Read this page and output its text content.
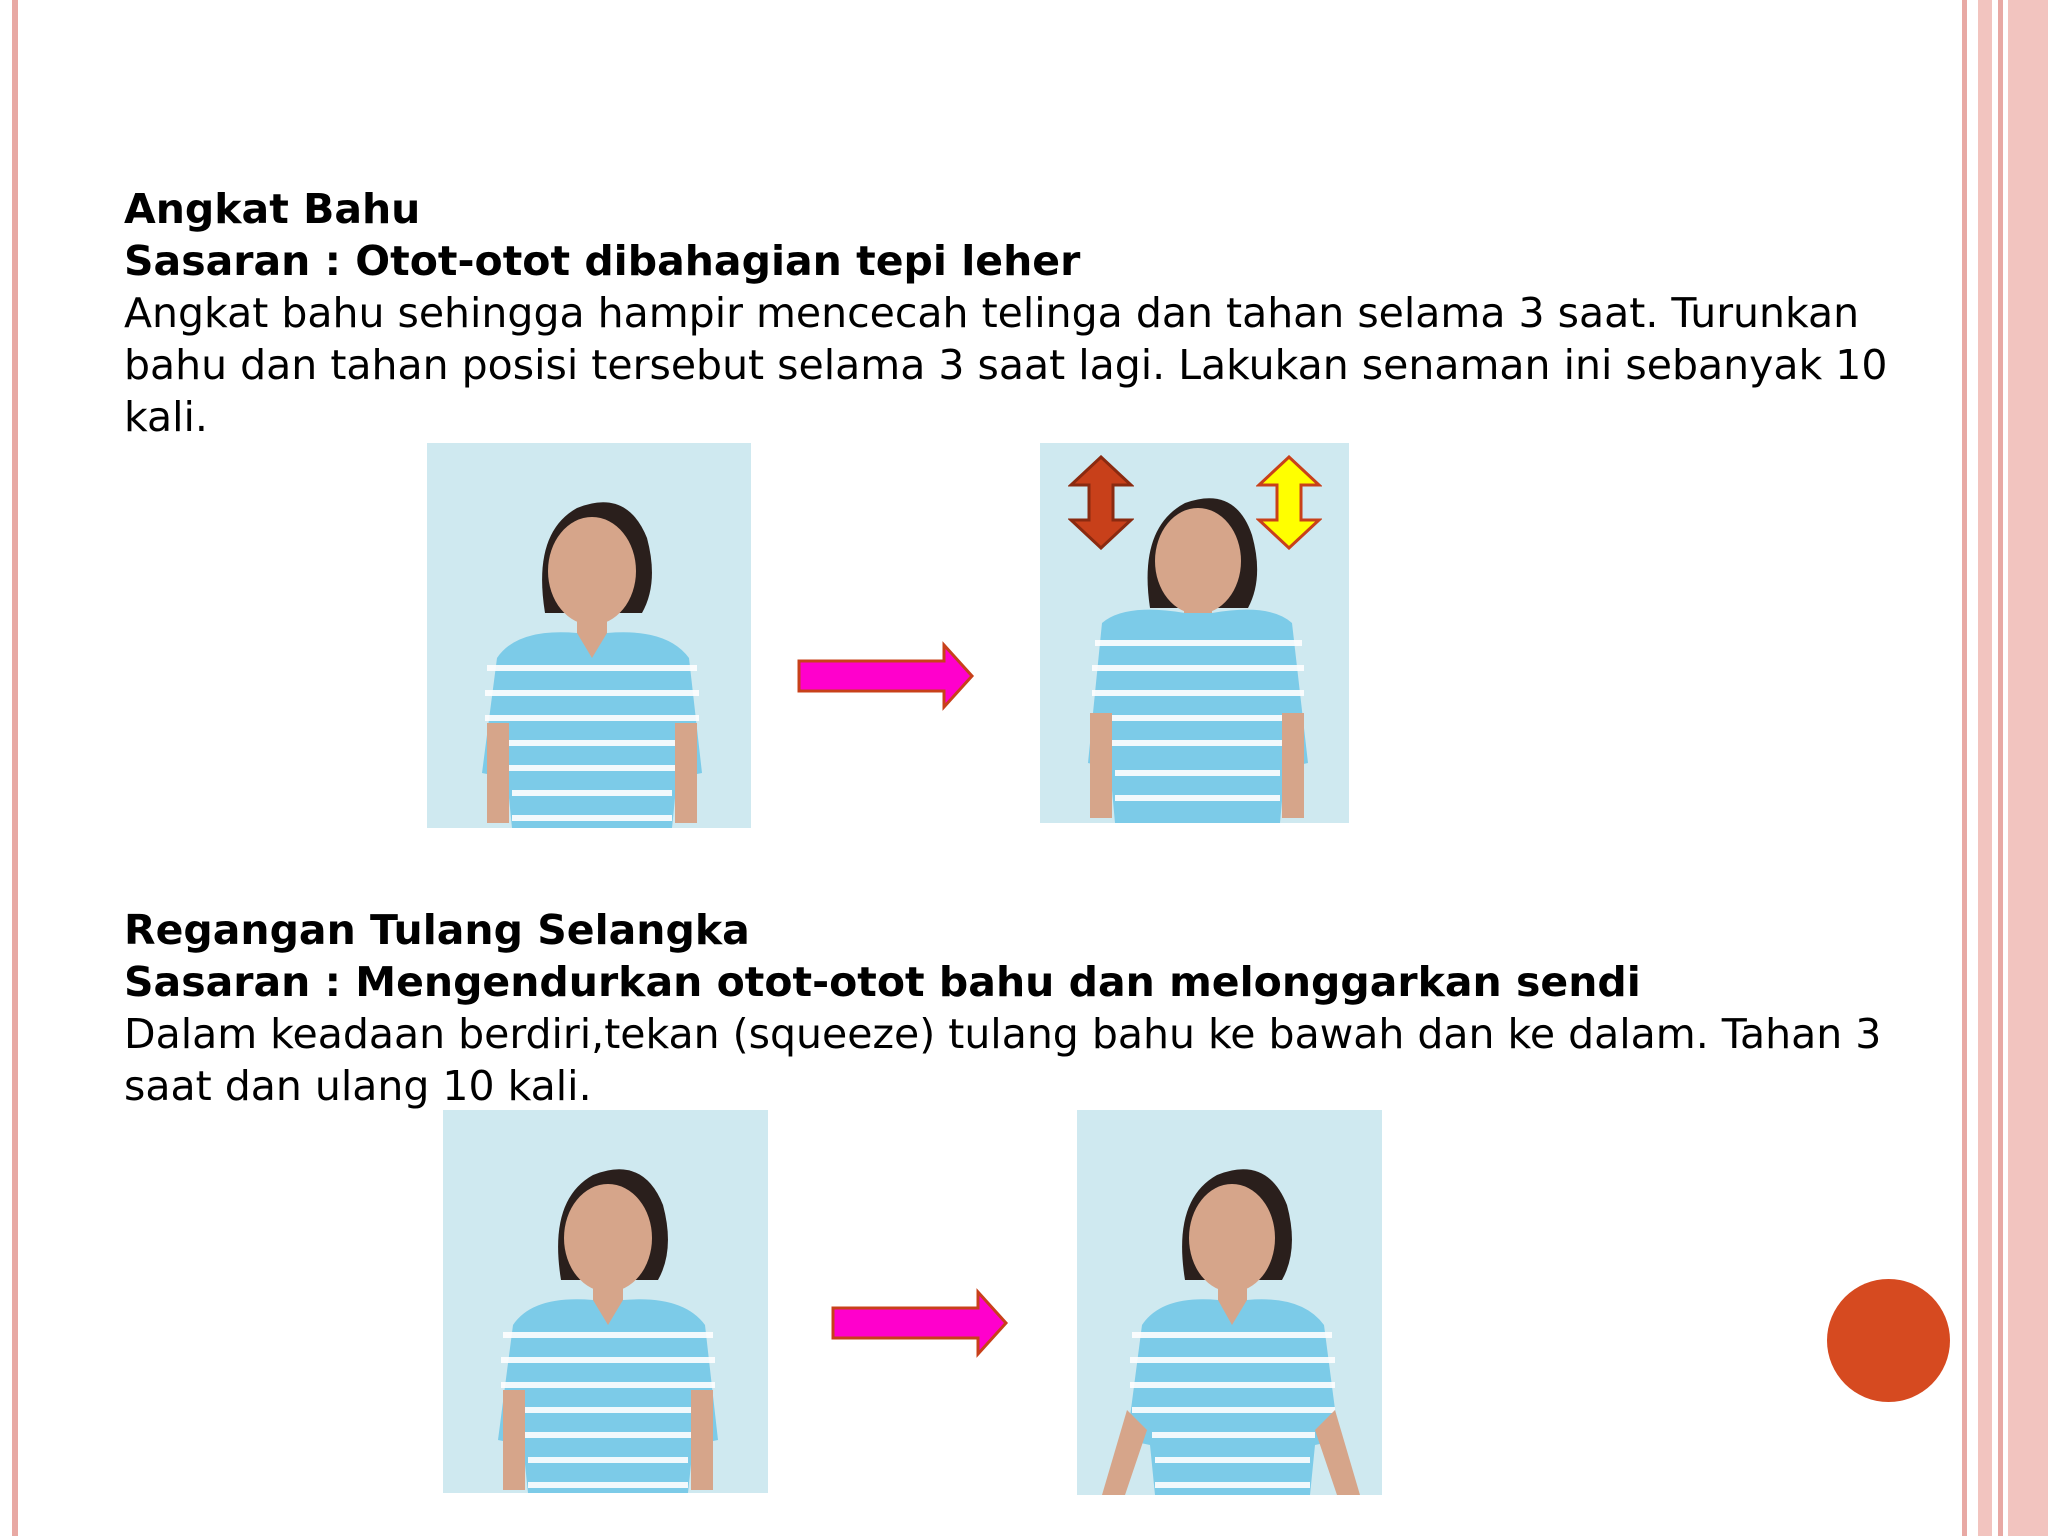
Angkat Bahu

Sasaran : Otot-otot dibahagian tepi leher

Angkat bahu sehingga hampir mencecah telinga dan tahan selama 3 saat. Turunkan bahu dan tahan posisi tersebut selama 3 saat lagi. Lakukan senaman ini sebanyak 10 kali.

Regangan Tulang Selangka

Sasaran : Mengendurkan otot-otot bahu dan melonggarkan sendi

Dalam keadaan berdiri,tekan (squeeze) tulang bahu ke bawah dan ke dalam. Tahan 3 saat dan ulang 10 kali.
